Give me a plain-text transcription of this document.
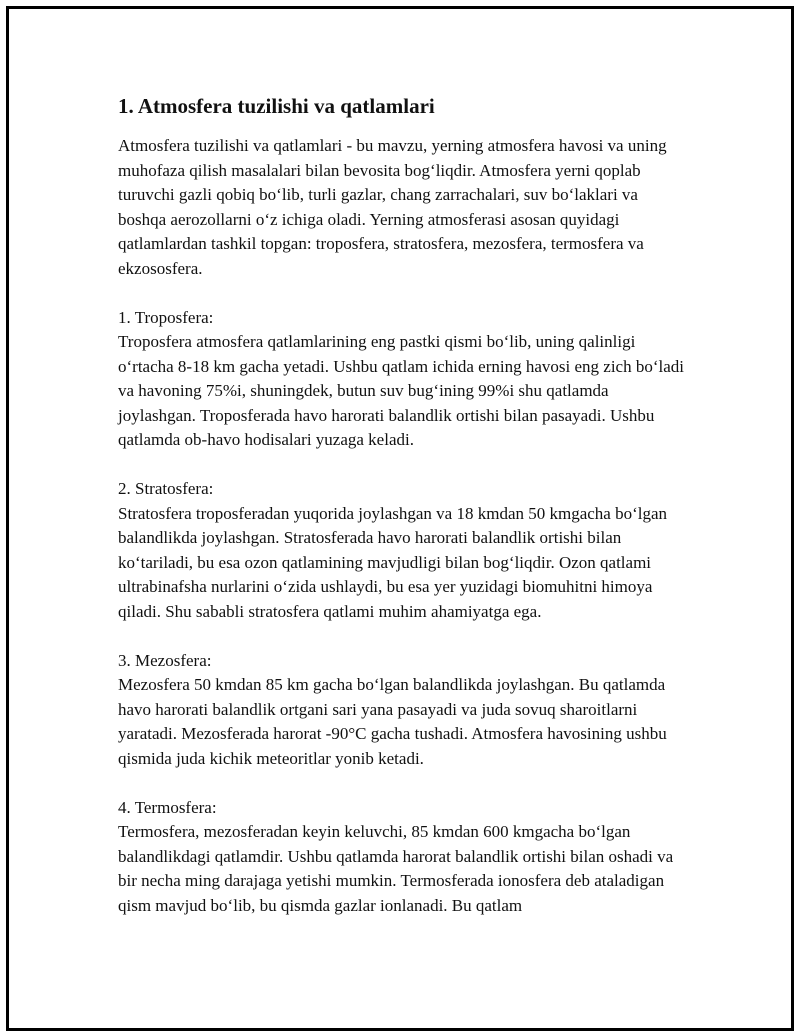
1. Atmosfera tuzilishi va qatlamlari

Atmosfera tuzilishi va qatlamlari - bu mavzu, yerning atmosfera havosi va uning muhofaza qilish masalalari bilan bevosita bog‘liqdir. Atmosfera yerni qoplab turuvchi gazli qobiq bo‘lib, turli gazlar, chang zarrachalari, suv bo‘laklari va boshqa aerozollarni o‘z ichiga oladi. Yerning atmosferasi asosan quyidagi qatlamlardan tashkil topgan: troposfera, stratosfera, mezosfera, termosfera va ekzososfera.

1. Troposfera:
Troposfera atmosfera qatlamlarining eng pastki qismi bo‘lib, uning qalinligi o‘rtacha 8-18 km gacha yetadi. Ushbu qatlam ichida erning havosi eng zich bo‘ladi va havoning 75%i, shuningdek, butun suv bug‘ining 99%i shu qatlamda joylashgan. Troposferada havo harorati balandlik ortishi bilan pasayadi. Ushbu qatlamda ob-havo hodisalari yuzaga keladi.

2. Stratosfera:
Stratosfera troposferadan yuqorida joylashgan va 18 kmdan 50 kmgacha bo‘lgan balandlikda joylashgan. Stratosferada havo harorati balandlik ortishi bilan ko‘tariladi, bu esa ozon qatlamining mavjudligi bilan bog‘liqdir. Ozon qatlami ultrabinafsha nurlarini o‘zida ushlaydi, bu esa yer yuzidagi biomuhitni himoya qiladi. Shu sababli stratosfera qatlami muhim ahamiyatga ega.

3. Mezosfera:
Mezosfera 50 kmdan 85 km gacha bo‘lgan balandlikda joylashgan. Bu qatlamda havo harorati balandlik ortgani sari yana pasayadi va juda sovuq sharoitlarni yaratadi. Mezosferada harorat -90°C gacha tushadi. Atmosfera havosining ushbu qismida juda kichik meteoritlar yonib ketadi.

4. Termosfera:
Termosfera, mezosferadan keyin keluvchi, 85 kmdan 600 kmgacha bo‘lgan balandlikdagi qatlamdir. Ushbu qatlamda harorat balandlik ortishi bilan oshadi va bir necha ming darajaga yetishi mumkin. Termosferada ionosfera deb ataladigan qism mavjud bo‘lib, bu qismda gazlar ionlanadi. Bu qatlam
